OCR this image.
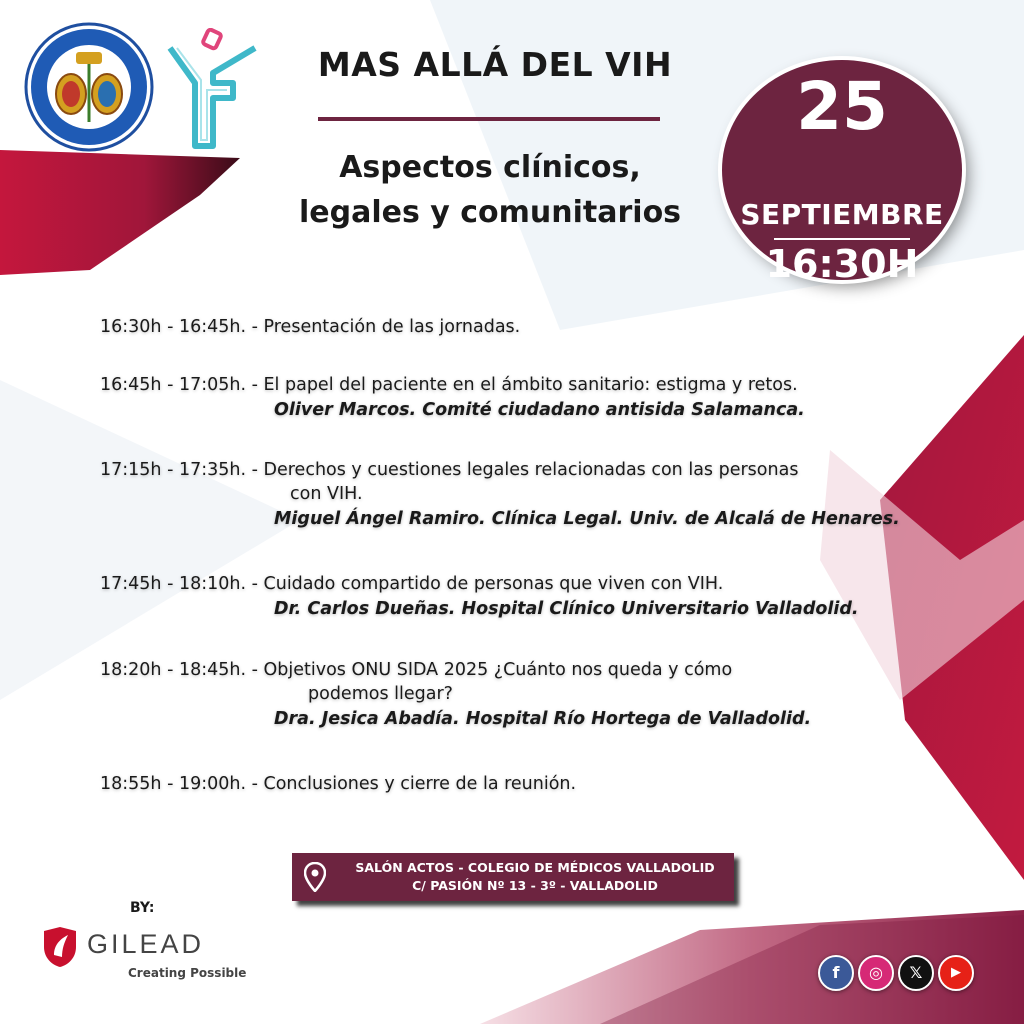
MAS ALLÁ DEL VIH
Aspectos clínicos,
legales y comunitarios
25
SEPTIEMBRE
16:30H
16:30h - 16:45h. - Presentación de las jornadas.
16:45h - 17:05h. - El papel del paciente en el ámbito sanitario: estigma y retos.
Oliver Marcos. Comité ciudadano antisida Salamanca.
17:15h - 17:35h. - Derechos y cuestiones legales relacionadas con las personas
con VIH.
Miguel Ángel Ramiro. Clínica Legal. Univ. de Alcalá de Henares.
17:45h - 18:10h. - Cuidado compartido de personas que viven con VIH.
Dr. Carlos Dueñas. Hospital Clínico Universitario Valladolid.
18:20h - 18:45h. - Objetivos ONU SIDA 2025 ¿Cuánto nos queda y cómo
podemos llegar?
Dra. Jesica Abadía. Hospital Río Hortega de Valladolid.
18:55h - 19:00h. - Conclusiones y cierre de la reunión.
SALÓN ACTOS - COLEGIO DE MÉDICOS VALLADOLID
C/ PASIÓN Nº 13 - 3º - VALLADOLID
BY:
GILEAD
Creating Possible	f	◎	𝕏	▶
